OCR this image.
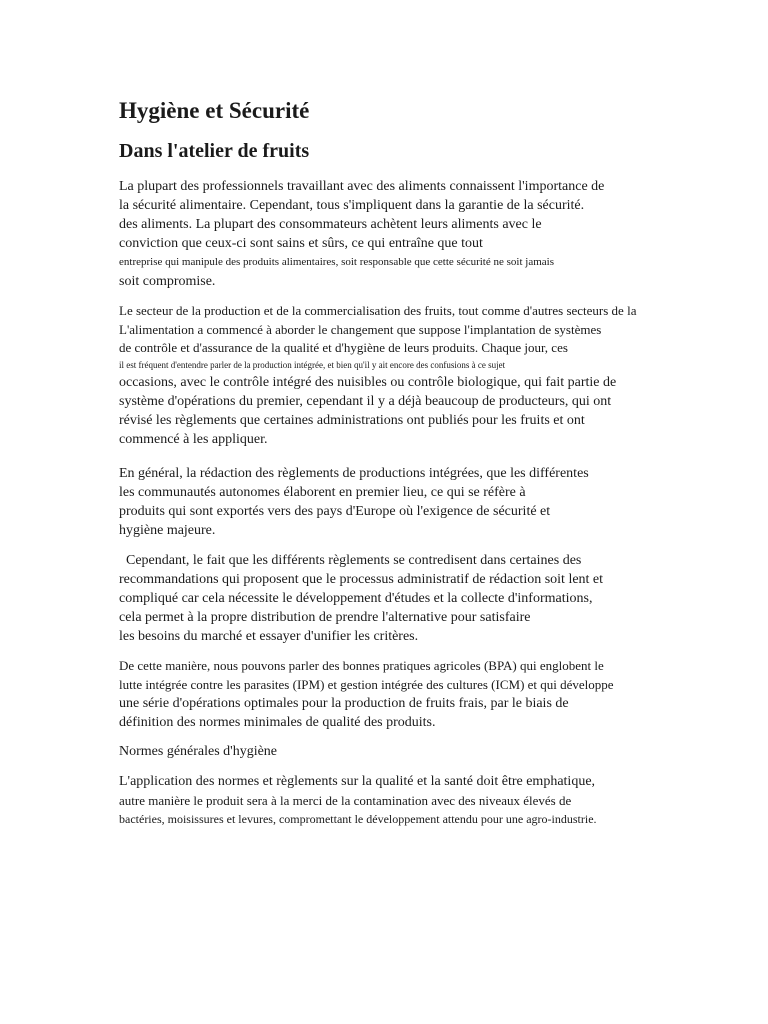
Hygiène et Sécurité
Dans l'atelier de fruits
La plupart des professionnels travaillant avec des aliments connaissent l'importance de
la sécurité alimentaire. Cependant, tous s'impliquent dans la garantie de la sécurité.
des aliments. La plupart des consommateurs achètent leurs aliments avec le
conviction que ceux-ci sont sains et sûrs, ce qui entraîne que tout
entreprise qui manipule des produits alimentaires, soit responsable que cette sécurité ne soit jamais
soit compromise.
Le secteur de la production et de la commercialisation des fruits, tout comme d'autres secteurs de la
L'alimentation a commencé à aborder le changement que suppose l'implantation de systèmes
de contrôle et d'assurance de la qualité et d'hygiène de leurs produits. Chaque jour, ces
il est fréquent d'entendre parler de la production intégrée, et bien qu'il y ait encore des confusions à ce sujet
occasions, avec le contrôle intégré des nuisibles ou contrôle biologique, qui fait partie de
système d'opérations du premier, cependant il y a déjà beaucoup de producteurs, qui ont
révisé les règlements que certaines administrations ont publiés pour les fruits et ont
commencé à les appliquer.
En général, la rédaction des règlements de productions intégrées, que les différentes
les communautés autonomes élaborent en premier lieu, ce qui se réfère à
produits qui sont exportés vers des pays d'Europe où l'exigence de sécurité et
hygiène majeure.
Cependant, le fait que les différents règlements se contredisent dans certaines des
recommandations qui proposent que le processus administratif de rédaction soit lent et
compliqué car cela nécessite le développement d'études et la collecte d'informations,
cela permet à la propre distribution de prendre l'alternative pour satisfaire
les besoins du marché et essayer d'unifier les critères.
De cette manière, nous pouvons parler des bonnes pratiques agricoles (BPA) qui englobent le
lutte intégrée contre les parasites (IPM) et gestion intégrée des cultures (ICM) et qui développe
une série d'opérations optimales pour la production de fruits frais, par le biais de
définition des normes minimales de qualité des produits.
Normes générales d'hygiène
L'application des normes et règlements sur la qualité et la santé doit être emphatique,
autre manière le produit sera à la merci de la contamination avec des niveaux élevés de
bactéries, moisissures et levures, compromettant le développement attendu pour une agro-industrie.
